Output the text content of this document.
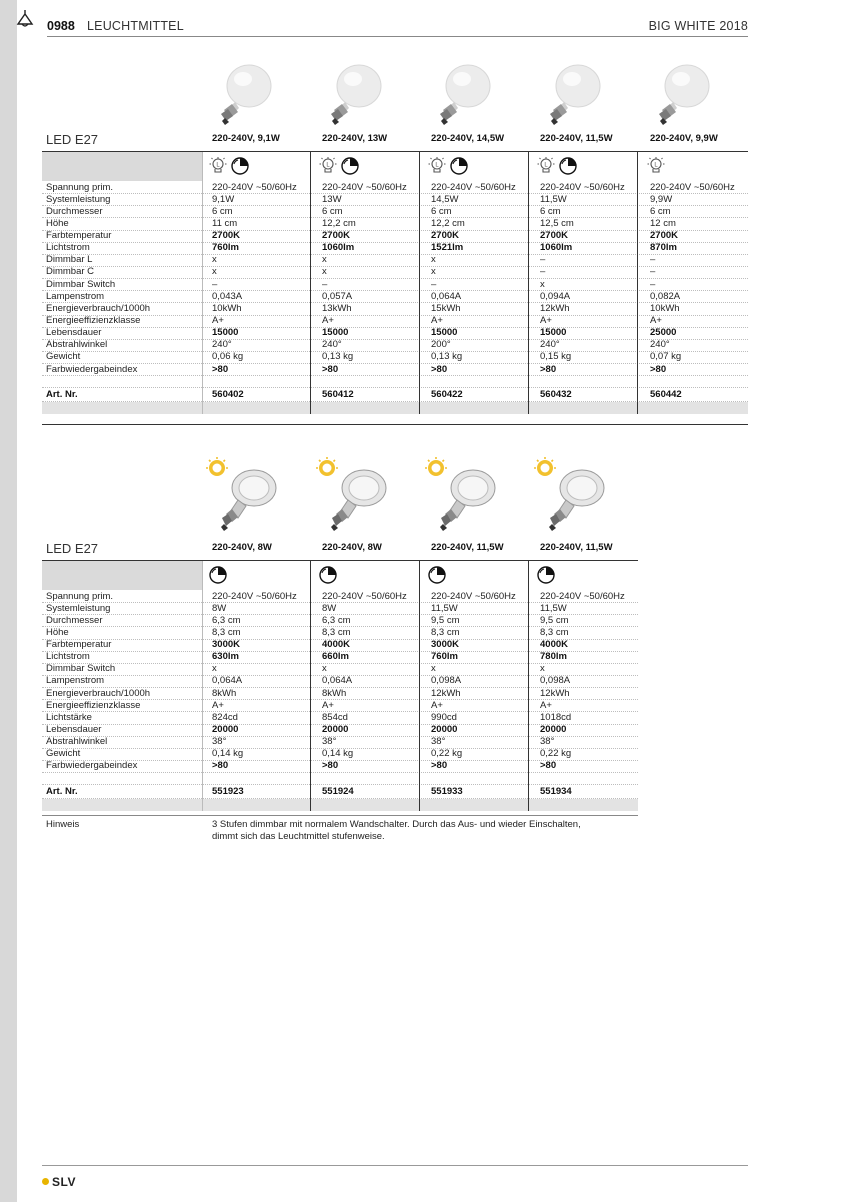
0988 LEUCHTMITTEL	BIG WHITE 2018
LED E27	220-240V, 9,1W	220-240V, 13W	220-240V, 14,5W	220-240V, 11,5W	220-240V, 9,9W
L	L	L	L	L
Spannung prim.	220-240V ~50/60Hz	220-240V ~50/60Hz	220-240V ~50/60Hz	220-240V ~50/60Hz	220-240V ~50/60Hz
Systemleistung	9,1W	13W	14,5W	11,5W	9,9W
Durchmesser	6 cm	6 cm	6 cm	6 cm	6 cm
Höhe	11 cm	12,2 cm	12,2 cm	12,5 cm	12 cm
Farbtemperatur	2700K	2700K	2700K	2700K	2700K
Lichtstrom	760lm	1060lm	1521lm	1060lm	870lm
Dimmbar L	x	x	x	–	–
Dimmbar C	x	x	x	–	–
Dimmbar Switch	–	–	–	x	–
Lampenstrom	0,043A	0,057A	0,064A	0,094A	0,082A
Energieverbrauch/1000h	10kWh	13kWh	15kWh	12kWh	10kWh
Energieeffizienzklasse	A+	A+	A+	A+	A+
Lebensdauer	15000	15000	15000	15000	25000
Abstrahlwinkel	240°	240°	200°	240°	240°
Gewicht	0,06 kg	0,13 kg	0,13 kg	0,15 kg	0,07 kg
Farbwiedergabeindex	>80	>80	>80	>80	>80
Art. Nr.	560402	560412	560422	560432	560442
LED E27	220-240V, 8W	220-240V, 8W	220-240V, 11,5W	220-240V, 11,5W
Spannung prim.	220-240V ~50/60Hz	220-240V ~50/60Hz	220-240V ~50/60Hz	220-240V ~50/60Hz
Systemleistung	8W	8W	11,5W	11,5W
Durchmesser	6,3 cm	6,3 cm	9,5 cm	9,5 cm
Höhe	8,3 cm	8,3 cm	8,3 cm	8,3 cm
Farbtemperatur	3000K	4000K	3000K	4000K
Lichtstrom	630lm	660lm	760lm	780lm
Dimmbar Switch	x	x	x	x
Lampenstrom	0,064A	0,064A	0,098A	0,098A
Energieverbrauch/1000h	8kWh	8kWh	12kWh	12kWh
Energieeffizienzklasse	A+	A+	A+	A+
Lichtstärke	824cd	854cd	990cd	1018cd
Lebensdauer	20000	20000	20000	20000
Abstrahlwinkel	38°	38°	38°	38°
Gewicht	0,14 kg	0,14 kg	0,22 kg	0,22 kg
Farbwiedergabeindex	>80	>80	>80	>80
Art. Nr.	551923	551924	551933	551934
Hinweis	3 Stufen dimmbar mit normalem Wandschalter. Durch das Aus- und wieder Einschalten,
dimmt sich das Leuchtmittel stufenweise.
SLV
